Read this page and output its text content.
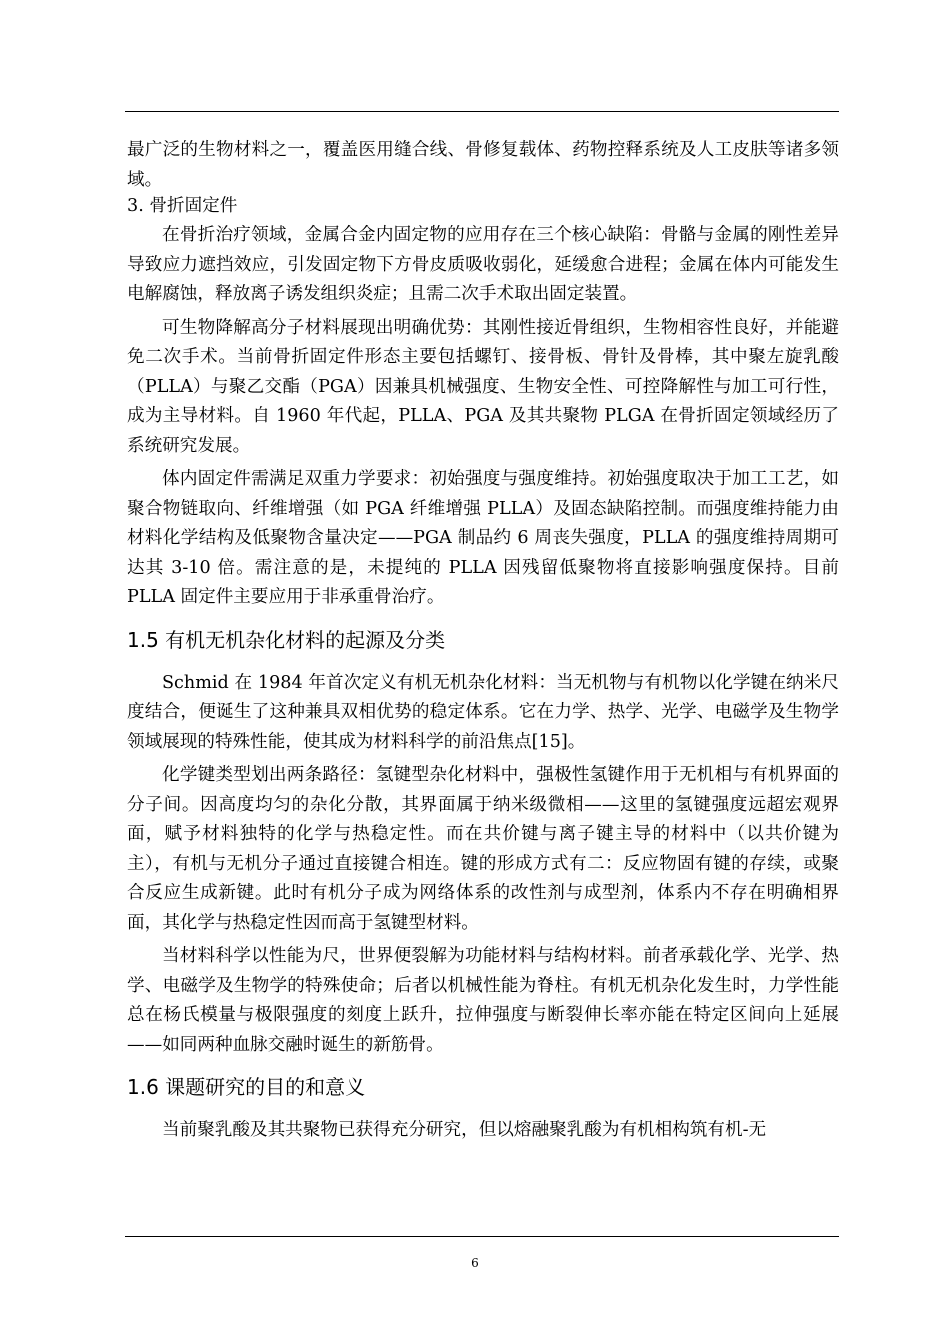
最广泛的生物材料之一，覆盖医用缝合线、骨修复载体、药物控释系统及人工皮肤等诸多领域。

3. 骨折固定件

在骨折治疗领域，金属合金内固定物的应用存在三个核心缺陷：骨骼与金属的刚性差异导致应力遮挡效应，引发固定物下方骨皮质吸收弱化，延缓愈合进程；金属在体内可能发生电解腐蚀，释放离子诱发组织炎症；且需二次手术取出固定装置。

可生物降解高分子材料展现出明确优势：其刚性接近骨组织，生物相容性良好，并能避免二次手术。当前骨折固定件形态主要包括螺钉、接骨板、骨针及骨棒，其中聚左旋乳酸（PLLA）与聚乙交酯（PGA）因兼具机械强度、生物安全性、可控降解性与加工可行性，成为主导材料。自 1960 年代起，PLLA、PGA 及其共聚物 PLGA 在骨折固定领域经历了系统研究发展。

体内固定件需满足双重力学要求：初始强度与强度维持。初始强度取决于加工工艺，如聚合物链取向、纤维增强（如 PGA 纤维增强 PLLA）及固态缺陷控制。而强度维持能力由材料化学结构及低聚物含量决定——PGA 制品约 6 周丧失强度，PLLA 的强度维持周期可达其 3-10 倍。需注意的是，未提纯的 PLLA 因残留低聚物将直接影响强度保持。目前 PLLA 固定件主要应用于非承重骨治疗。

1.5 有机无机杂化材料的起源及分类

Schmid 在 1984 年首次定义有机无机杂化材料：当无机物与有机物以化学键在纳米尺度结合，便诞生了这种兼具双相优势的稳定体系。它在力学、热学、光学、电磁学及生物学领域展现的特殊性能，使其成为材料科学的前沿焦点[15]。

化学键类型划出两条路径：氢键型杂化材料中，强极性氢键作用于无机相与有机界面的分子间。因高度均匀的杂化分散，其界面属于纳米级微相——这里的氢键强度远超宏观界面，赋予材料独特的化学与热稳定性。而在共价键与离子键主导的材料中（以共价键为主），有机与无机分子通过直接键合相连。键的形成方式有二：反应物固有键的存续，或聚合反应生成新键。此时有机分子成为网络体系的改性剂与成型剂，体系内不存在明确相界面，其化学与热稳定性因而高于氢键型材料。

当材料科学以性能为尺，世界便裂解为功能材料与结构材料。前者承载化学、光学、热学、电磁学及生物学的特殊使命；后者以机械性能为脊柱。有机无机杂化发生时，力学性能总在杨氏模量与极限强度的刻度上跃升，拉伸强度与断裂伸长率亦能在特定区间向上延展——如同两种血脉交融时诞生的新筋骨。

1.6 课题研究的目的和意义

当前聚乳酸及其共聚物已获得充分研究，但以熔融聚乳酸为有机相构筑有机-无

6
